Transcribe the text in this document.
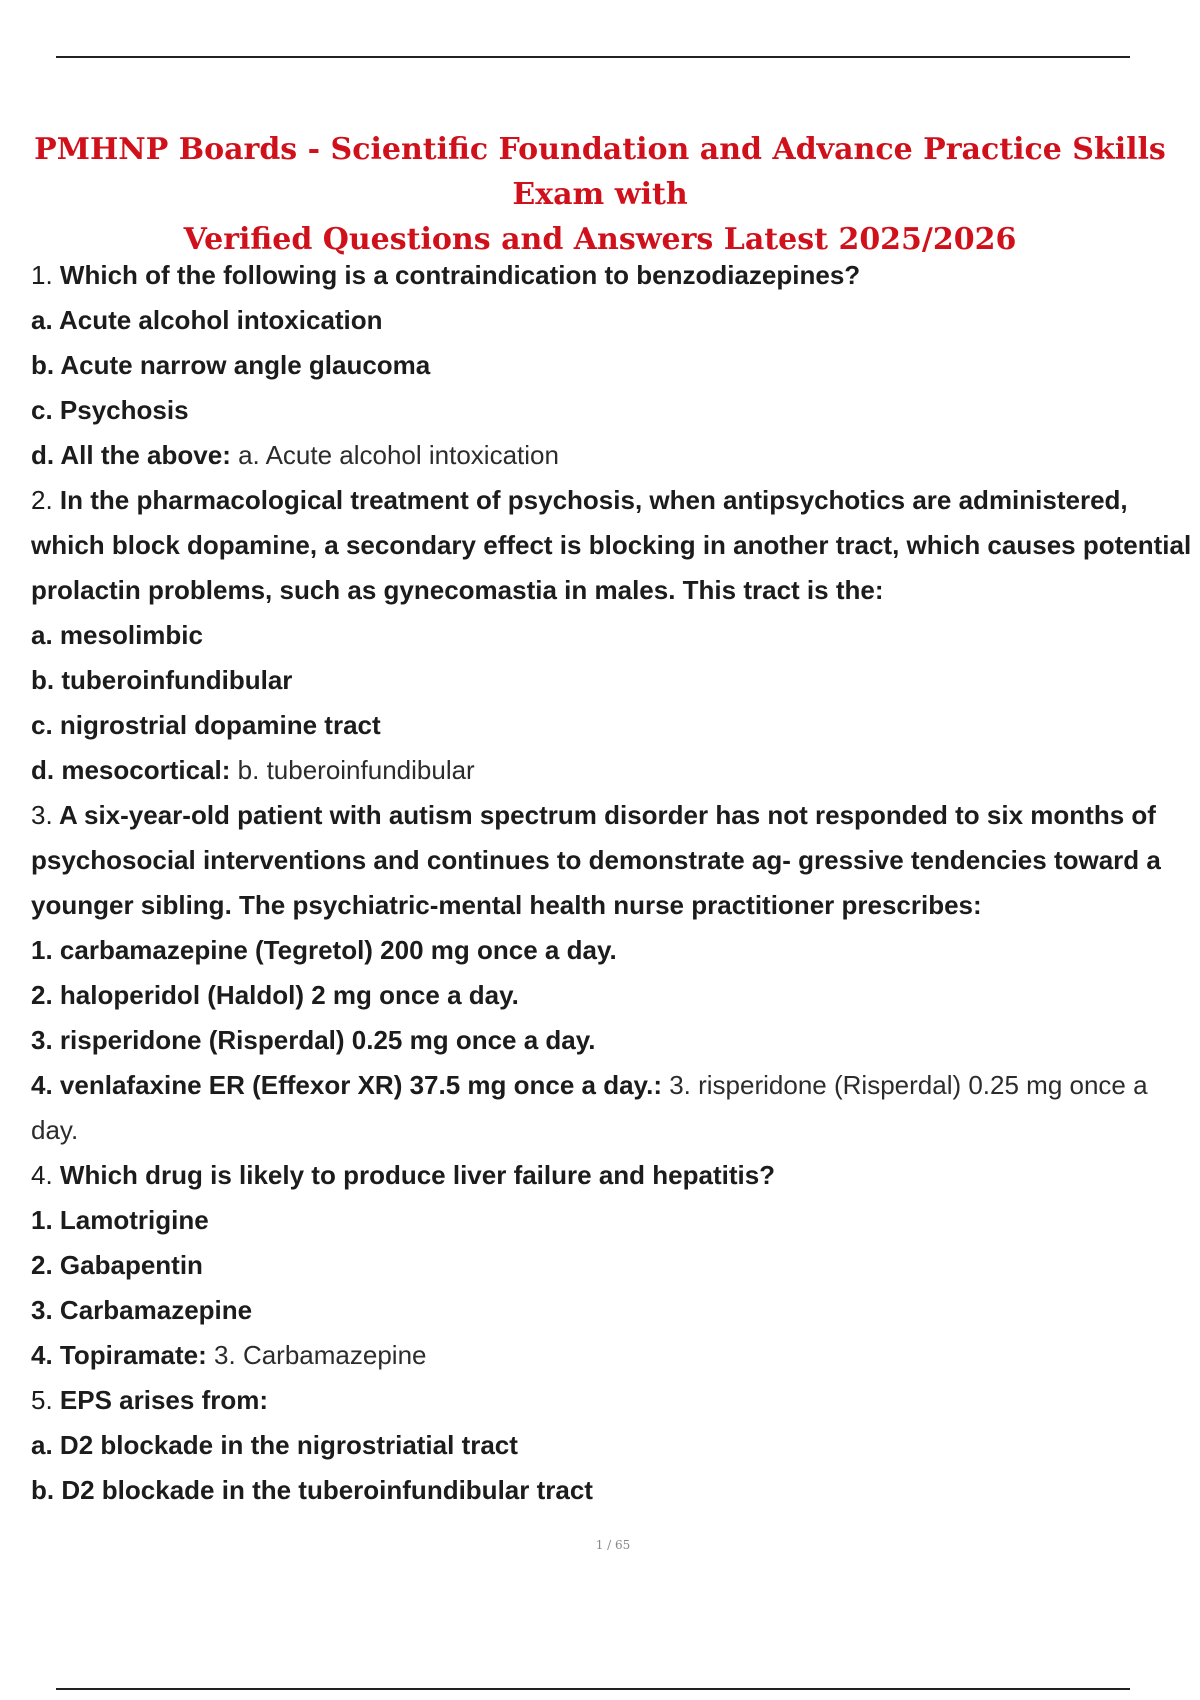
PMHNP Boards - Scientific Foundation and Advance Practice Skills Exam with
Verified Questions and Answers Latest 2025/2026
1. Which of the following is a contraindication to benzodiazepines?
a. Acute alcohol intoxication
b. Acute narrow angle glaucoma
c. Psychosis
d. All the above: a. Acute alcohol intoxication
2. In the pharmacological treatment of psychosis, when antipsychotics are administered, which block dopamine, a secondary effect is blocking in another tract, which causes potential prolactin problems, such as gynecomastia in males. This tract is the:
a. mesolimbic
b. tuberoinfundibular
c. nigrostrial dopamine tract
d. mesocortical: b. tuberoinfundibular
3. A six-year-old patient with autism spectrum disorder has not responded to six months of psychosocial interventions and continues to demonstrate ag- gressive tendencies toward a younger sibling. The psychiatric-mental health nurse practitioner prescribes:
1. carbamazepine (Tegretol) 200 mg once a day.
2. haloperidol (Haldol) 2 mg once a day.
3. risperidone (Risperdal) 0.25 mg once a day.
4. venlafaxine ER (Effexor XR) 37.5 mg once a day.: 3. risperidone (Risperdal) 0.25 mg once a day.
4. Which drug is likely to produce liver failure and hepatitis?
1. Lamotrigine
2. Gabapentin
3. Carbamazepine
4. Topiramate: 3. Carbamazepine
5. EPS arises from:
a. D2 blockade in the nigrostriatial tract
b. D2 blockade in the tuberoinfundibular tract
1 / 65
